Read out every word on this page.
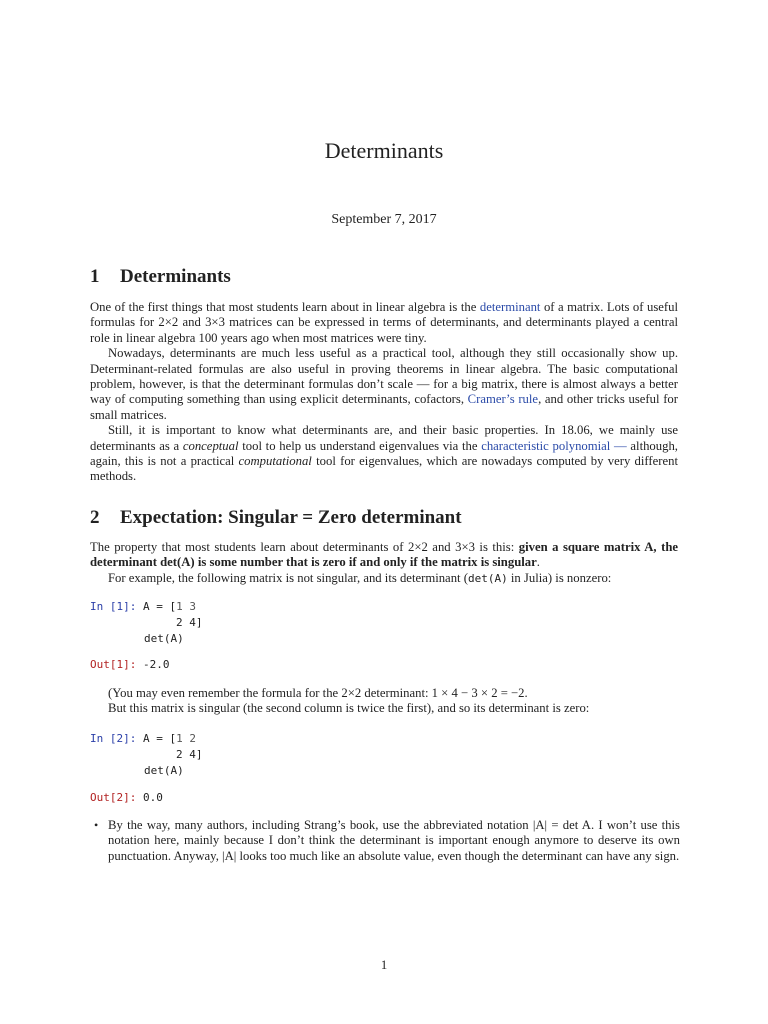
Determinants
September 7, 2017
1 Determinants

One of the first things that most students learn about in linear algebra is the determinant of a matrix. Lots of useful formulas for 2×2 and 3×3 matrices can be expressed in terms of determinants, and determinants played a central role in linear algebra 100 years ago when most matrices were tiny.

Nowadays, determinants are much less useful as a practical tool, although they still occasionally show up. Determinant-related formulas are also useful in proving theorems in linear algebra. The basic computational problem, however, is that the determinant formulas don’t scale — for a big matrix, there is almost always a better way of computing something than using explicit determinants, cofactors, Cramer’s rule, and other tricks useful for small matrices.

Still, it is important to know what determinants are, and their basic properties. In 18.06, we mainly use determinants as a conceptual tool to help us understand eigenvalues via the characteristic polynomial — although, again, this is not a practical computational tool for eigenvalues, which are nowadays computed by very different methods.

2 Expectation: Singular = Zero determinant

The property that most students learn about determinants of 2×2 and 3×3 is this: given a square matrix A, the determinant det(A) is some number that is zero if and only if the matrix is singular.

For example, the following matrix is not singular, and its determinant (det(A) in Julia) is nonzero:

In [1]: A = [1 3
2 4]
det(A)
Out[1]: -2.0

(You may even remember the formula for the 2×2 determinant: 1 × 4 − 3 × 2 = −2.

But this matrix is singular (the second column is twice the first), and so its determinant is zero:

In [2]: A = [1 2
2 4]
det(A)
Out[2]: 0.0
• By the way, many authors, including Strang’s book, use the abbreviated notation |A| = det A. I won’t use this notation here, mainly because I don’t think the determinant is important enough anymore to deserve its own punctuation. Anyway, |A| looks too much like an absolute value, even though the determinant can have any sign.

1
